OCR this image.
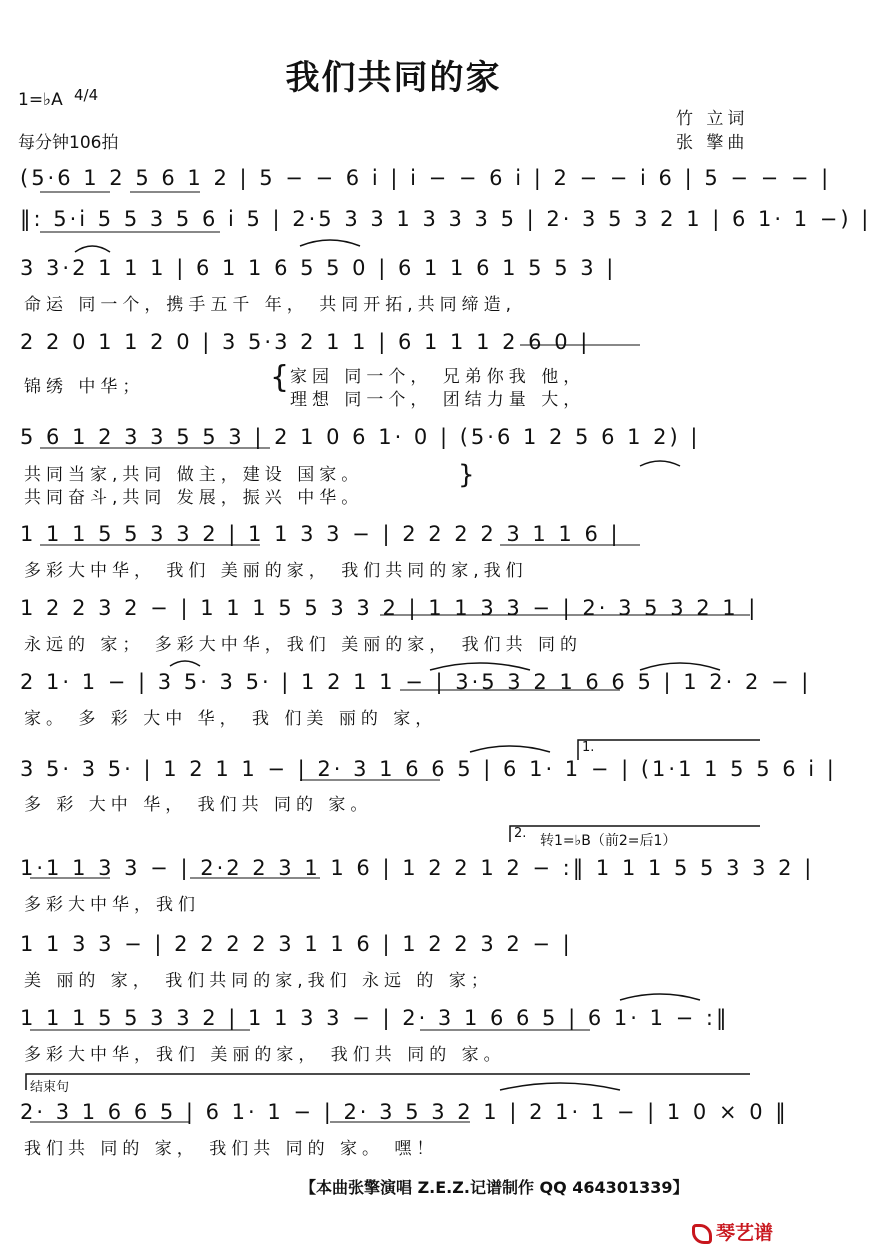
我们共同的家
1=♭A 4/4
每分钟106拍
竹 立词
张 擎曲
(5·6 1 2 5 6 1 2 | 5 − − 6 i | i − − 6 i | 2 − − i 6 | 5 − − − |
‖: 5·i 5 5 3 5 6 i 5 | 2·5 3 3 1 3 3 3 5 | 2· 3 5 3 2 1 | 6 1· 1 −) |
3 3·2 1 1 1 | 6 1 1 6 5 5 0 | 6 1 1 6 1 5 5 3 |
命运 同一个，携手五千 年， 共同开拓,共同缔造,
2 2 0 1 1 2 0 | 3 5·3 2 1 1 | 6 1 1 1 2 6 0 |
锦绣 中华；	{ 家园 同一个， 兄弟你我 他，
理想 同一个， 团结力量 大，
5 6 1 2 3 3 5 5 3 | 2 1 0 6 1· 0 | (5·6 1 2 5 6 1 2) |
共同当家,共同 做主，建设 国家。
共同奋斗,共同 发展，振兴 中华。
}
1 1 1 5 5 3 3 2 | 1 1 3 3 − | 2 2 2 2 3 1 1 6 |
多彩大中华， 我们 美丽的家， 我们共同的家,我们
1 2 2 3 2 − | 1 1 1 5 5 3 3 2 | 1 1 3 3 − | 2· 3 5 3 2 1 |
永远的 家； 多彩大中华，我们 美丽的家， 我们共 同的
2 1· 1 − | 3 5· 3 5· | 1 2 1 1 − | 3·5 3 2 1 6 6 5 | 1 2· 2 − |
家。 多 彩 大中 华， 我 们美 丽的 家，
1.
3 5· 3 5· | 1 2 1 1 − | 2· 3 1 6 6 5 | 6 1· 1 − | (1·1 1 5 5 6 i |
多 彩 大中 华， 我们共 同的 家。
2. 转1=♭B（前2=后1）
1·1 1 3 3 − | 2·2 2 3 1 1 6 | 1 2 2 1 2 − :‖ 1 1 1 5 5 3 3 2 |
多彩大中华，我们
1 1 3 3 − | 2 2 2 2 3 1 1 6 | 1 2 2 3 2 − |
美 丽的 家， 我们共同的家,我们 永远 的 家；
1 1 1 5 5 3 3 2 | 1 1 3 3 − | 2· 3 1 6 6 5 | 6 1· 1 − :‖
多彩大中华，我们 美丽的家， 我们共 同的 家。
结束句
2· 3 1 6 6 5 | 6 1· 1 − | 2· 3 5 3 2 1 | 2 1· 1 − | 1 0 × 0 ‖
我们共 同的 家， 我们共 同的 家。 嘿！
【本曲张擎演唱 Z.E.Z.记谱制作 QQ 464301339】
琴艺谱
